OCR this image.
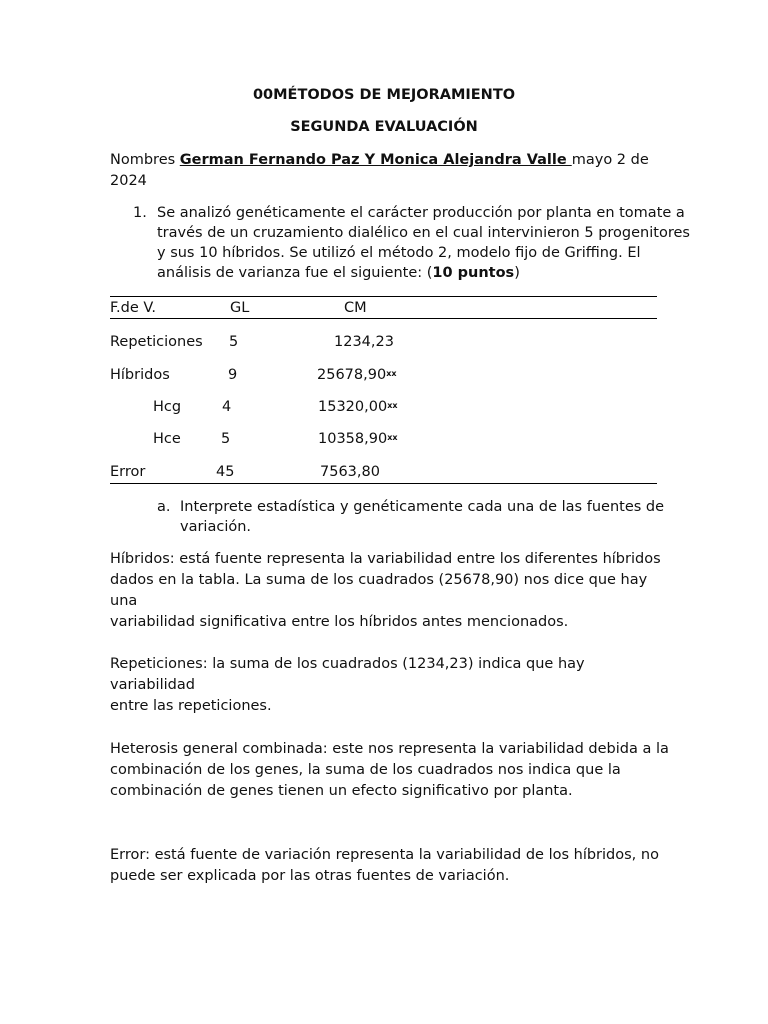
00MÉTODOS DE MEJORAMIENTO
SEGUNDA EVALUACIÓN
Nombres German Fernando Paz Y Monica Alejandra Valle mayo 2 de
2024
1. Se analizó genéticamente el carácter producción por planta en tomate a
través de un cruzamiento dialélico en el cual intervinieron 5 progenitores
y sus 10 híbridos. Se utilizó el método 2, modelo fijo de Griffing. El
análisis de varianza fue el siguiente: (10 puntos)
F.de V.	GL	CM
Repeticiones 5	1234,23
Híbridos	9	25678,90$^{xx}$
Hcg	4	15320,00$^{xx}$
Hce	5	10358,90$^{xx}$
Error	45	7563,80
a. Interprete estadística y genéticamente cada una de las fuentes de
variación.
Híbridos: está fuente representa la variabilidad entre los diferentes híbridos
dados en la tabla. La suma de los cuadrados (25678,90) nos dice que hay una
variabilidad significativa entre los híbridos antes mencionados.
Repeticiones: la suma de los cuadrados (1234,23) indica que hay variabilidad
entre las repeticiones.
Heterosis general combinada: este nos representa la variabilidad debida a la
combinación de los genes, la suma de los cuadrados nos indica que la
combinación de genes tienen un efecto significativo por planta.
Error: está fuente de variación representa la variabilidad de los híbridos, no
puede ser explicada por las otras fuentes de variación.
